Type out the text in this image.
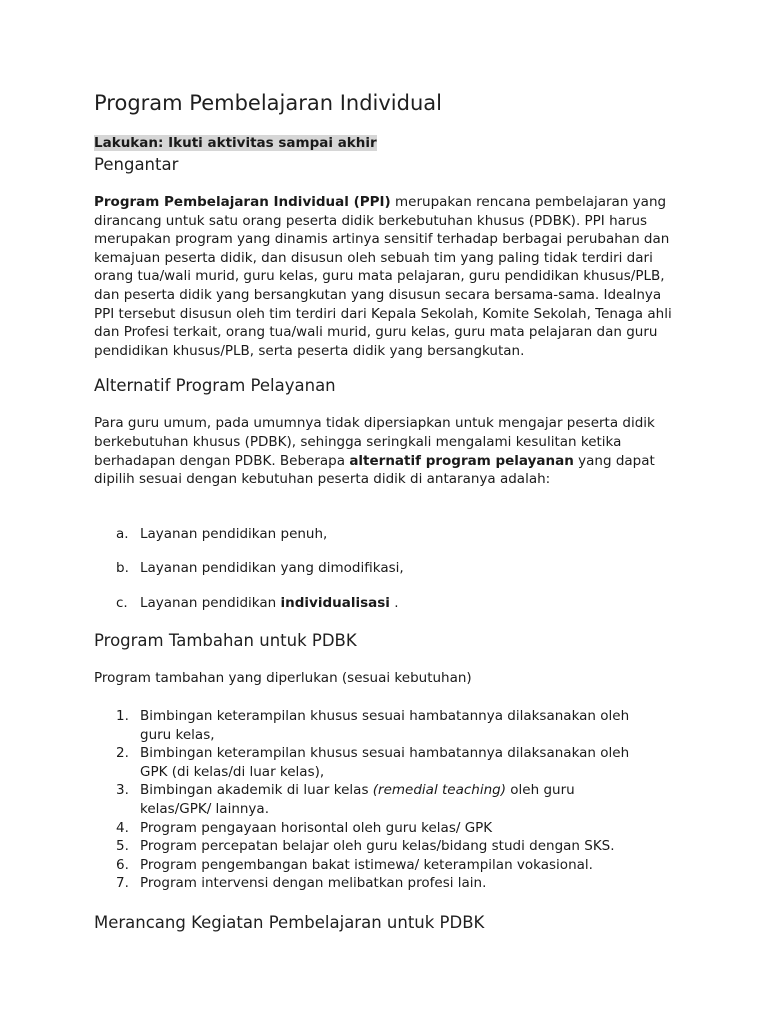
Program Pembelajaran Individual
Lakukan: Ikuti aktivitas sampai akhir
Pengantar

Program Pembelajaran Individual (PPI) merupakan rencana pembelajaran yang dirancang untuk satu orang peserta didik berkebutuhan khusus (PDBK). PPI harus merupakan program yang dinamis artinya sensitif terhadap berbagai perubahan dan kemajuan peserta didik, dan disusun oleh sebuah tim yang paling tidak terdiri dari orang tua/wali murid, guru kelas, guru mata pelajaran, guru pendidikan khusus/PLB, dan peserta didik yang bersangkutan yang disusun secara bersama-sama. Idealnya PPI tersebut disusun oleh tim terdiri dari Kepala Sekolah, Komite Sekolah, Tenaga ahli dan Profesi terkait, orang tua/wali murid, guru kelas, guru mata pelajaran dan guru pendidikan khusus/PLB, serta peserta didik yang bersangkutan.

Alternatif Program Pelayanan

Para guru umum, pada umumnya tidak dipersiapkan untuk mengajar peserta didik berkebutuhan khusus (PDBK), sehingga seringkali mengalami kesulitan ketika berhadapan dengan PDBK. Beberapa alternatif program pelayanan yang dapat dipilih sesuai dengan kebutuhan peserta didik di antaranya adalah:

a. Layanan pendidikan penuh,
b. Layanan pendidikan yang dimodifikasi,
c. Layanan pendidikan individualisasi .
Program Tambahan untuk PDBK

Program tambahan yang diperlukan (sesuai kebutuhan)

1. Bimbingan keterampilan khusus sesuai hambatannya dilaksanakan oleh guru kelas,
2. Bimbingan keterampilan khusus sesuai hambatannya dilaksanakan oleh GPK (di kelas/di luar kelas),
3. Bimbingan akademik di luar kelas (remedial teaching) oleh guru kelas/GPK/ lainnya.
4. Program pengayaan horisontal oleh guru kelas/ GPK
5. Program percepatan belajar oleh guru kelas/bidang studi dengan SKS.
6. Program pengembangan bakat istimewa/ keterampilan vokasional.
7. Program intervensi dengan melibatkan profesi lain.
Merancang Kegiatan Pembelajaran untuk PDBK
